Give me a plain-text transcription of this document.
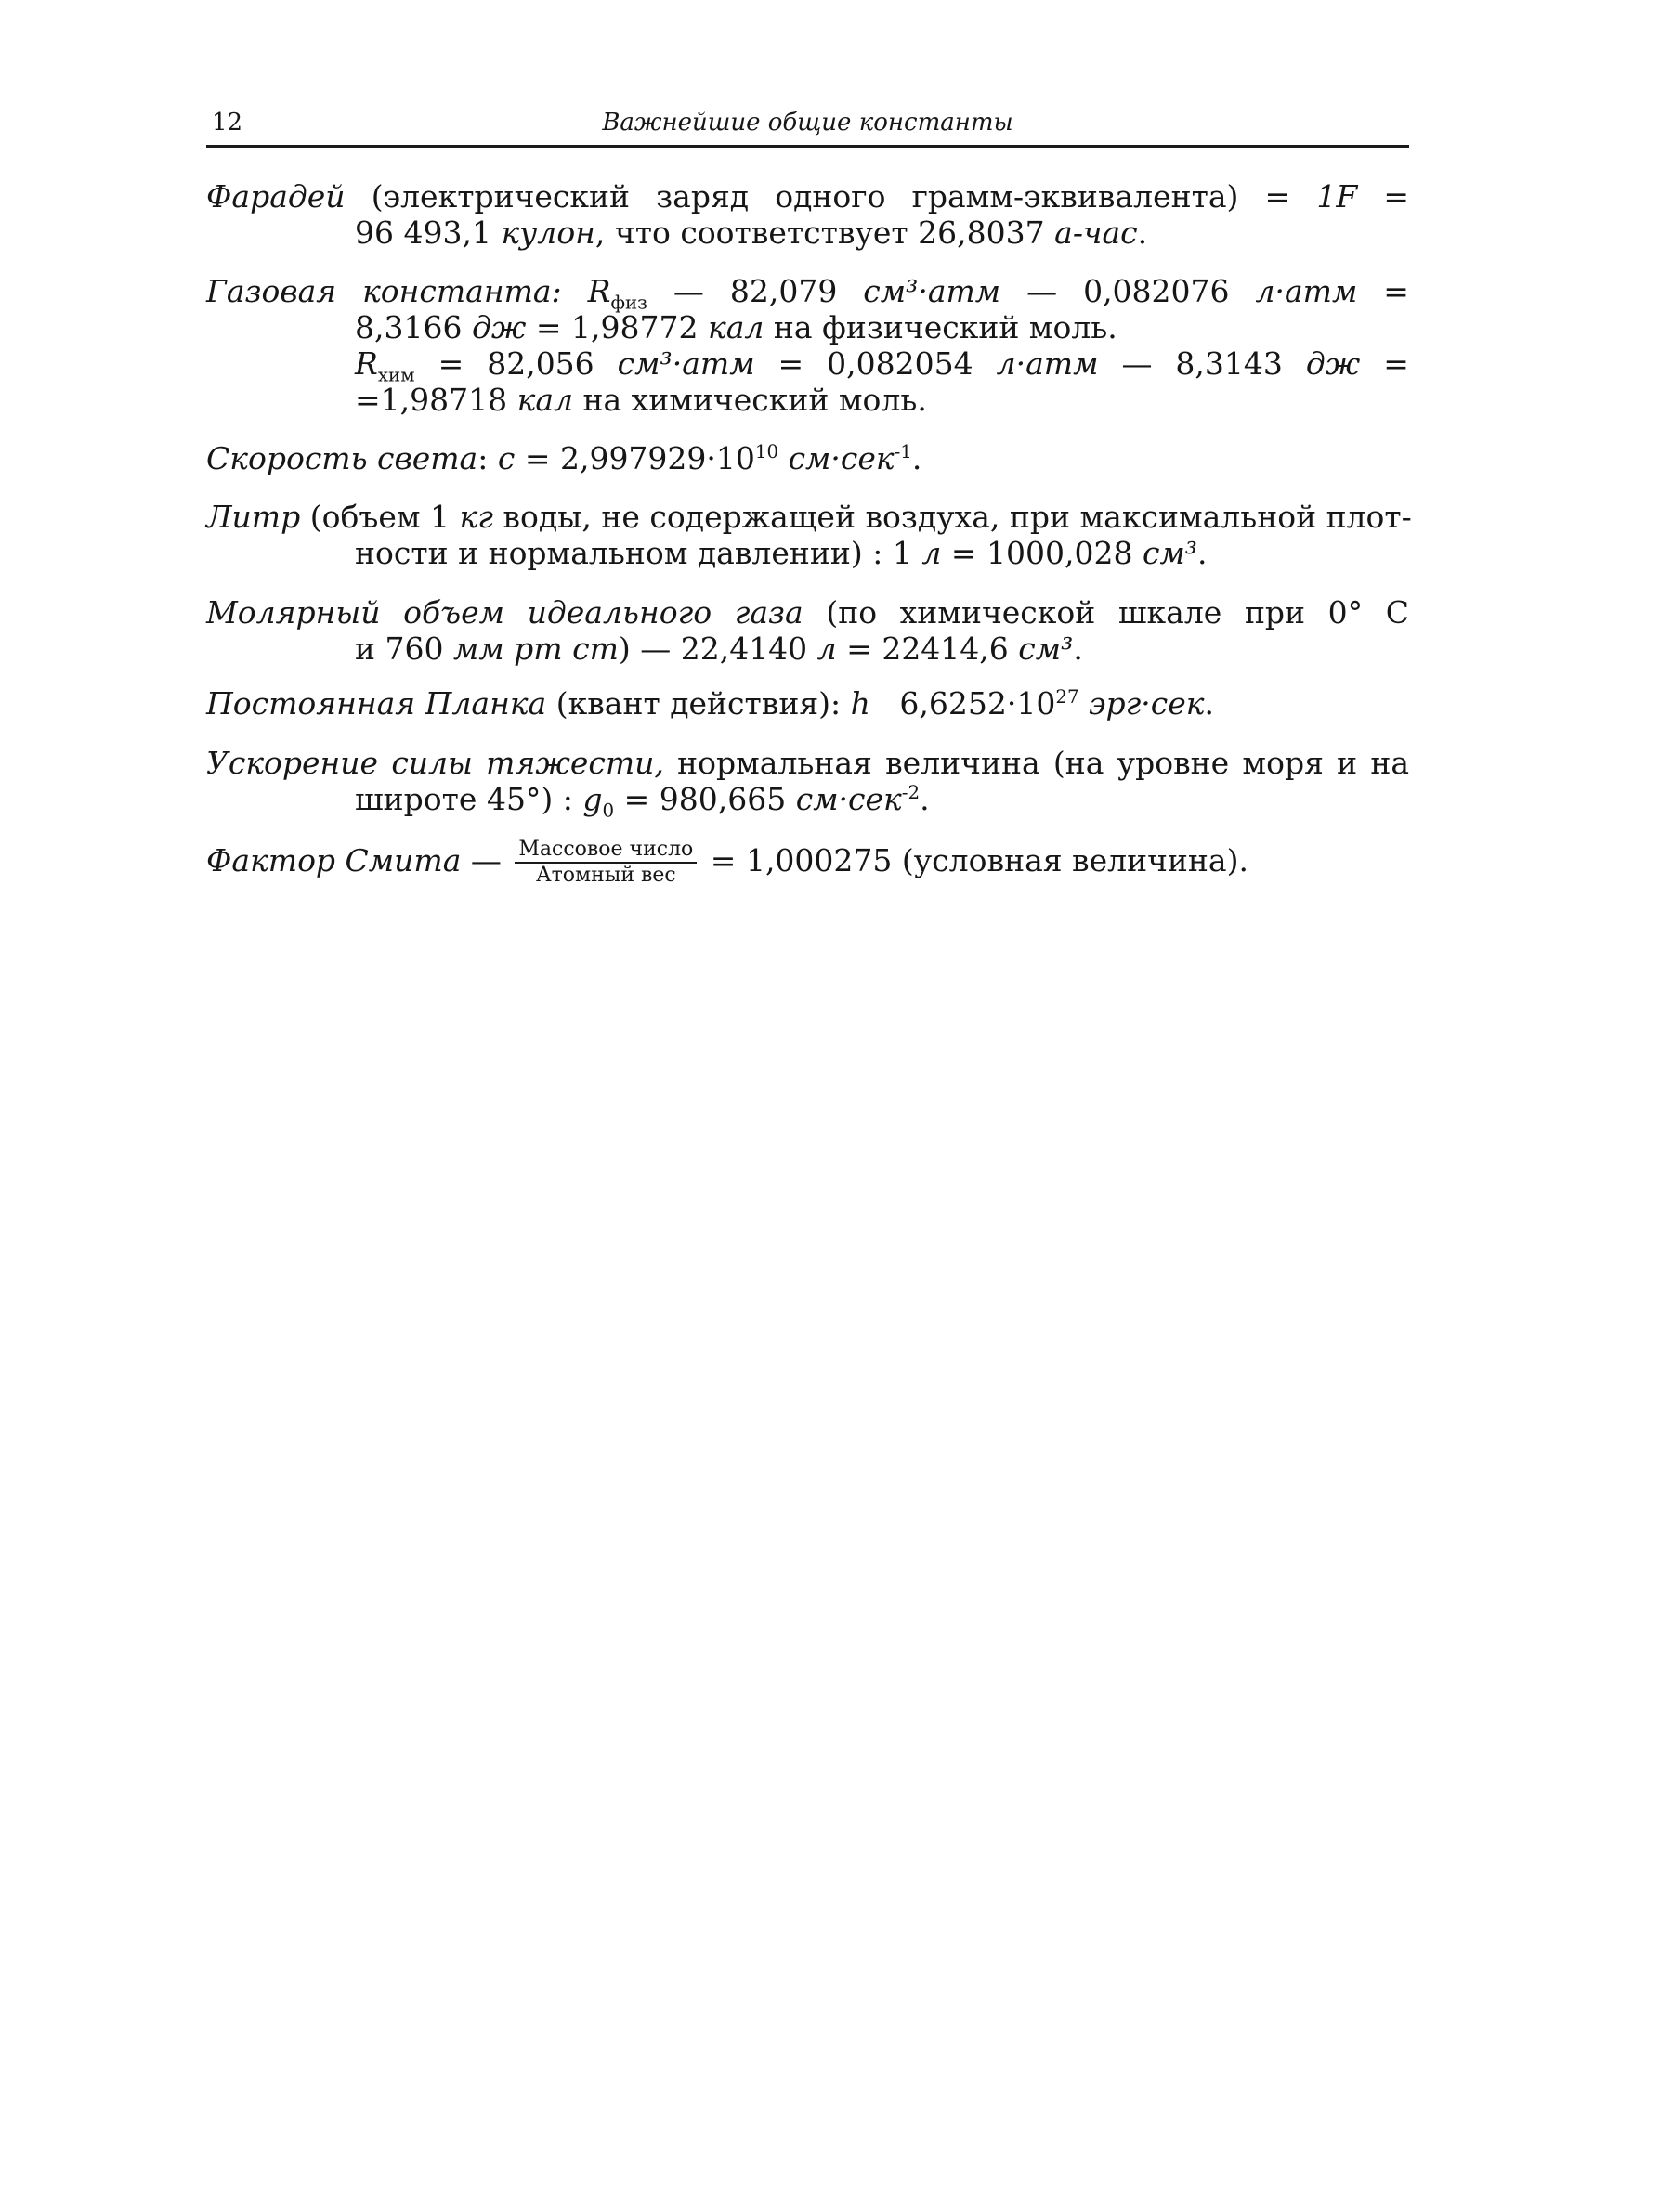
12	Важнейшие общие константы
Фарадей (электрический заряд одного грамм-эквивалента) = 1F =
96 493,1 кулон, что соответствует 26,8037 а-час.
Газовая константа: $R_{физ}$ — 82,079 см³·атм — 0,082076 л·атм =
8,3166 дж = 1,98772 кал на физический моль.
$R_{хим} = 82,056$ см³·атм = 0,082054 л·атм — 8,3143 дж =
=1,98718 кал на химический моль.
Скорость света: $c = 2,997929\cdot 10^{10}$ см·сек$^{-1}$.
Литр (объем 1 кг воды, не содержащей воздуха, при максимальной плот-
ности и нормальном давлении) : 1 л = 1000,028 см³.
Молярный объем идеального газа (по химической шкале при 0° C
и 760 мм рт ст) — 22,4140 л = 22414,6 см³.
Постоянная Планка (квант действия): h   $6,6252\cdot 10^{27}$ эрг·сек.
Ускорение силы тяжести, нормальная величина (на уровне моря и на
широте 45°) : $g_0 = 980,665$ см·сек$^{-2}$.
Фактор Смита — $\frac{\text{Массовое число}}{\text{Атомный вес}} = 1,000275$ (условная величина).
